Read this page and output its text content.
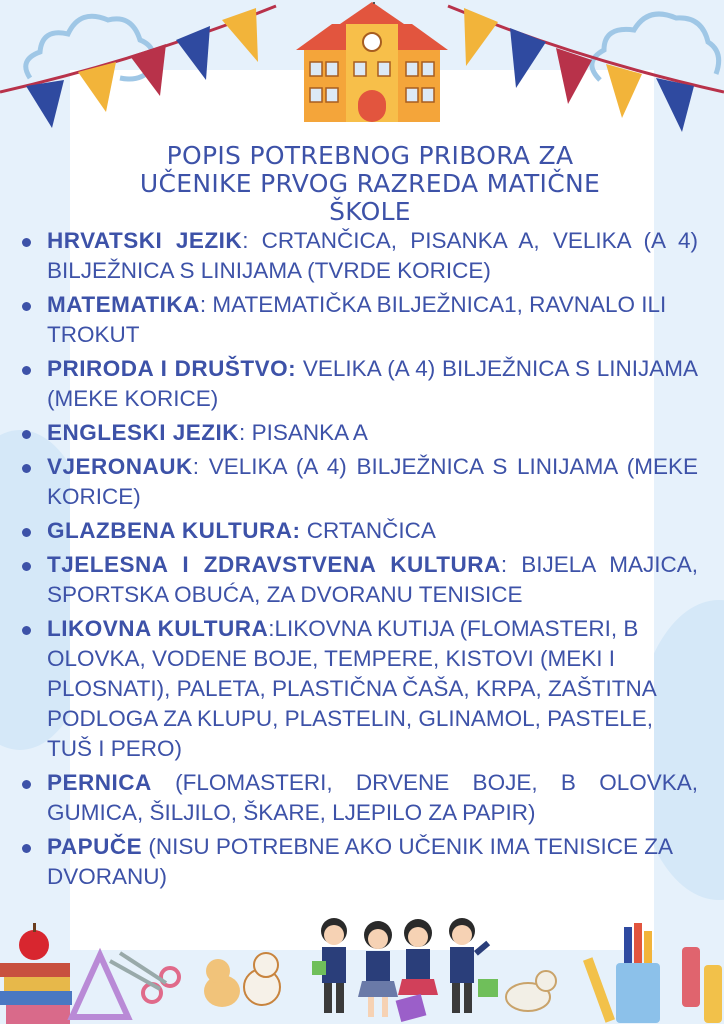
POPIS POTREBNOG PRIBORA ZA
UČENIKE PRVOG RAZREDA MATIČNE
ŠKOLE
HRVATSKI JEZIK: CRTANČICA, PISANKA A, VELIKA (A 4) BILJEŽNICA S LINIJAMA (TVRDE KORICE)
MATEMATIKA: MATEMATIČKA BILJEŽNICA1, RAVNALO ILI TROKUT
PRIRODA I DRUŠTVO: VELIKA (A 4) BILJEŽNICA S LINIJAMA (MEKE KORICE)
ENGLESKI JEZIK: PISANKA A
VJERONAUK: VELIKA (A 4) BILJEŽNICA S LINIJAMA (MEKE KORICE)
GLAZBENA KULTURA: CRTANČICA
TJELESNA I ZDRAVSTVENA KULTURA: BIJELA MAJICA, SPORTSKA OBUĆA, ZA DVORANU TENISICE
LIKOVNA KULTURA:LIKOVNA KUTIJA (FLOMASTERI, B OLOVKA, VODENE BOJE, TEMPERE, KISTOVI (MEKI I PLOSNATI), PALETA, PLASTIČNA ČAŠA, KRPA, ZAŠTITNA PODLOGA ZA KLUPU, PLASTELIN, GLINAMOL, PASTELE, TUŠ I PERO)
PERNICA (FLOMASTERI, DRVENE BOJE, B OLOVKA, GUMICA, ŠILJILO, ŠKARE, LJEPILO ZA PAPIR)
PAPUČE (NISU POTREBNE AKO UČENIK IMA TENISICE ZA DVORANU)
